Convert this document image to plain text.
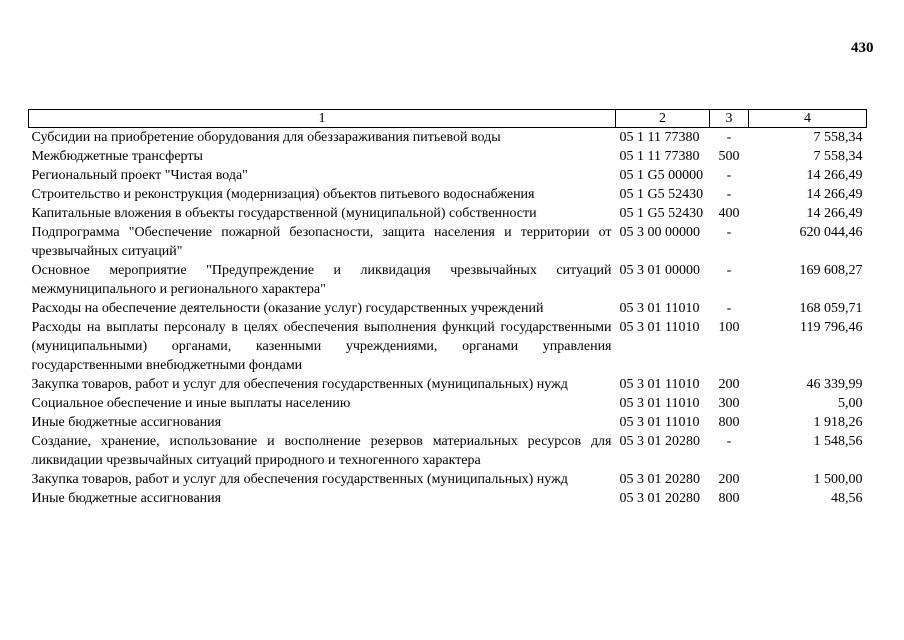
430
1	2	3	4
Субсидии на приобретение оборудования для обеззараживания питьевой воды	05 1 11 77380	-	7 558,34
Межбюджетные трансферты	05 1 11 77380	500	7 558,34
Региональный проект "Чистая вода"	05 1 G5 00000	-	14 266,49
Строительство и реконструкция (модернизация) объектов питьевого водоснабжения	05 1 G5 52430	-	14 266,49
Капитальные вложения в объекты государственной (муниципальной) собственности	05 1 G5 52430	400	14 266,49
Подпрограмма "Обеспечение пожарной безопасности, защита населения и территории от чрезвычайных ситуаций"	05 3 00 00000	-	620 044,46
Основное мероприятие "Предупреждение и ликвидация чрезвычайных ситуаций межмуниципального и регионального характера"	05 3 01 00000	-	169 608,27
Расходы на обеспечение деятельности (оказание услуг) государственных учреждений	05 3 01 11010	-	168 059,71
Расходы на выплаты персоналу в целях обеспечения выполнения функций государственными (муниципальными) органами, казенными учреждениями, органами управления государственными внебюджетными фондами	05 3 01 11010	100	119 796,46
Закупка товаров, работ и услуг для обеспечения государственных (муниципальных) нужд	05 3 01 11010	200	46 339,99
Социальное обеспечение и иные выплаты населению	05 3 01 11010	300	5,00
Иные бюджетные ассигнования	05 3 01 11010	800	1 918,26
Создание, хранение, использование и восполнение резервов материальных ресурсов для ликвидации чрезвычайных ситуаций природного и техногенного характера	05 3 01 20280	-	1 548,56
Закупка товаров, работ и услуг для обеспечения государственных (муниципальных) нужд	05 3 01 20280	200	1 500,00
Иные бюджетные ассигнования	05 3 01 20280	800	48,56
